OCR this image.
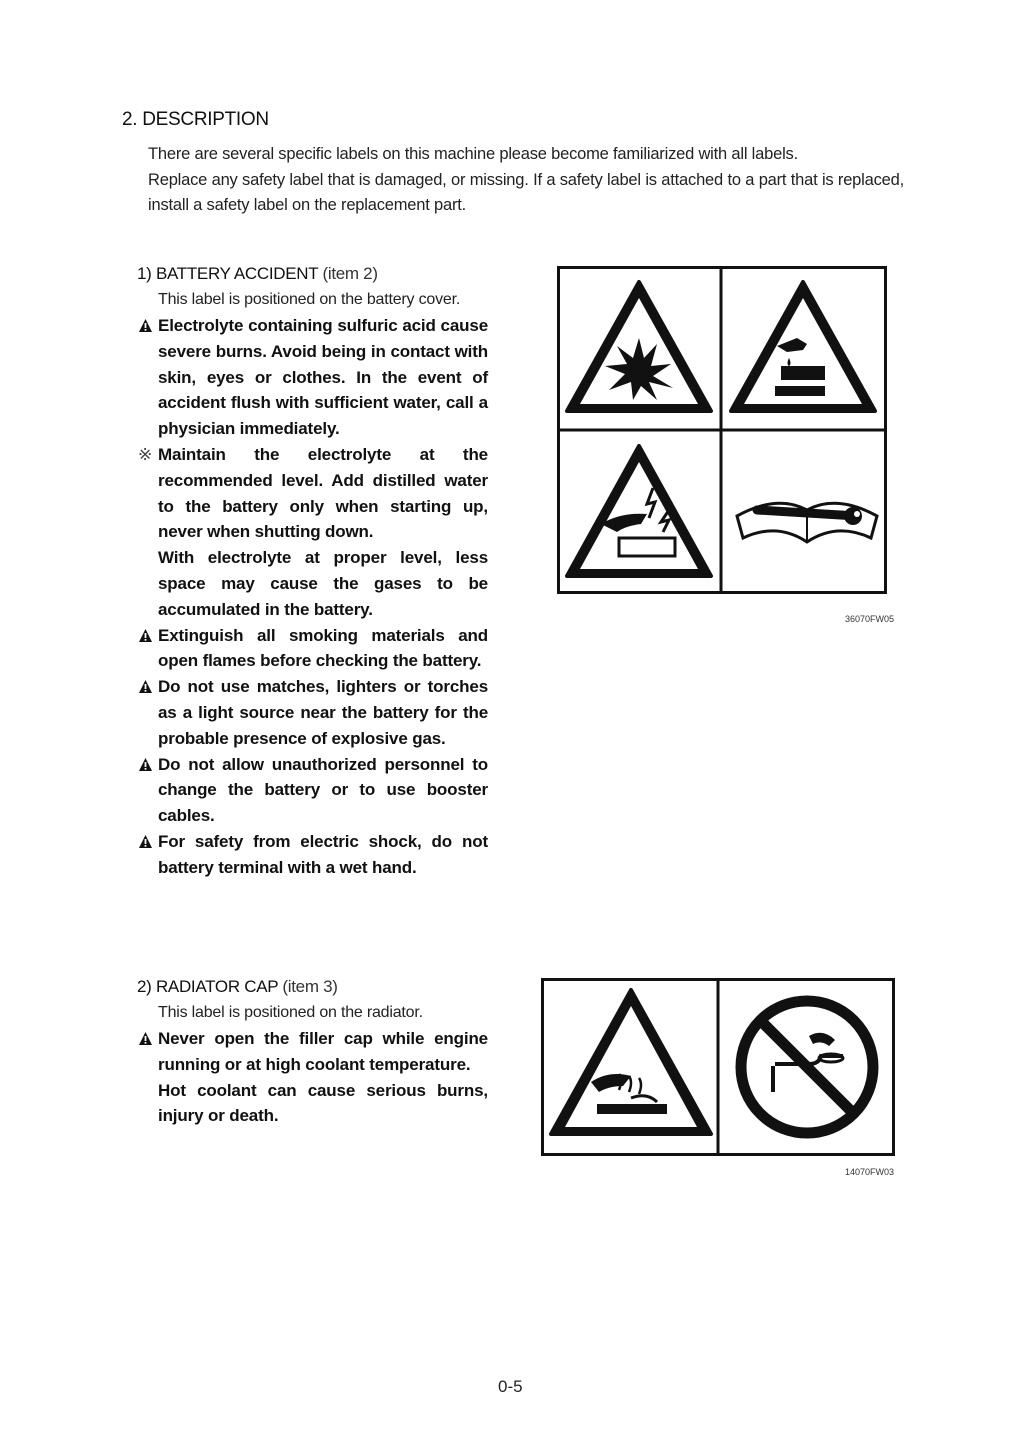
2. DESCRIPTION

There are several specific labels on this machine please become familiarized with all labels.

Replace any safety label that is damaged, or missing. If a safety label is attached to a part that is replaced, install a safety label on the replacement part.

1) BATTERY ACCIDENT (item 2)
This label is positioned on the battery cover.
Electrolyte containing sulfuric acid cause severe burns. Avoid being in contact with skin, eyes or clothes. In the event of accident flush with sufficient water, call a physician immediately.
※ Maintain the electrolyte at the recommended level. Add distilled water to the battery only when starting up, never when shutting down.
With electrolyte at proper level, less space may cause the gases to be accumulated in the battery.
Extinguish all smoking materials and open flames before checking the battery.
Do not use matches, lighters or torches as a light source near the battery for the probable presence of explosive gas.
Do not allow unauthorized personnel to change the battery or to use booster cables.
For safety from electric shock, do not battery terminal with a wet hand.
36070FW05
2) RADIATOR CAP (item 3)
This label is positioned on the radiator.
Never open the filler cap while engine running or at high coolant temperature.
Hot coolant can cause serious burns, injury or death.
14070FW03
0-5
